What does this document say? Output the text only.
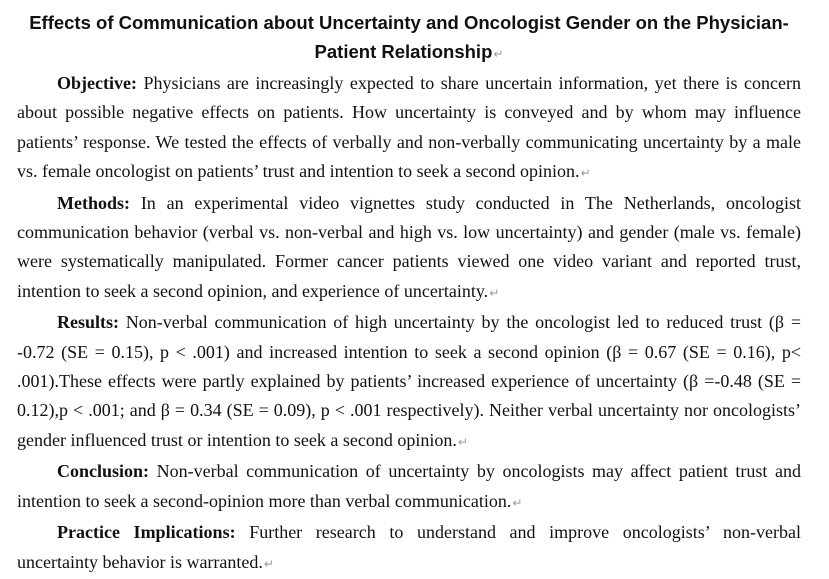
Effects of Communication about Uncertainty and Oncologist Gender on the Physician-Patient Relationship↵

Objective: Physicians are increasingly expected to share uncertain information, yet there is concern about possible negative effects on patients. How uncertainty is conveyed and by whom may influence patients’ response. We tested the effects of verbally and non-verbally communicating uncertainty by a male vs. female oncologist on patients’ trust and intention to seek a second opinion.↵

Methods: In an experimental video vignettes study conducted in The Netherlands, oncologist communication behavior (verbal vs. non-verbal and high vs. low uncertainty) and gender (male vs. female) were systematically manipulated. Former cancer patients viewed one video variant and reported trust, intention to seek a second opinion, and experience of uncertainty.↵

Results: Non-verbal communication of high uncertainty by the oncologist led to reduced trust (β = -0.72 (SE = 0.15), p < .001) and increased intention to seek a second opinion (β = 0.67 (SE = 0.16), p< .001).These effects were partly explained by patients’ increased experience of uncertainty (β =-0.48 (SE = 0.12),p < .001; and β = 0.34 (SE = 0.09), p < .001 respectively). Neither verbal uncertainty nor oncologists’ gender influenced trust or intention to seek a second opinion.↵

Conclusion: Non-verbal communication of uncertainty by oncologists may affect patient trust and intention to seek a second-opinion more than verbal communication.↵

Practice Implications: Further research to understand and improve oncologists’ non-verbal uncertainty behavior is warranted.↵
